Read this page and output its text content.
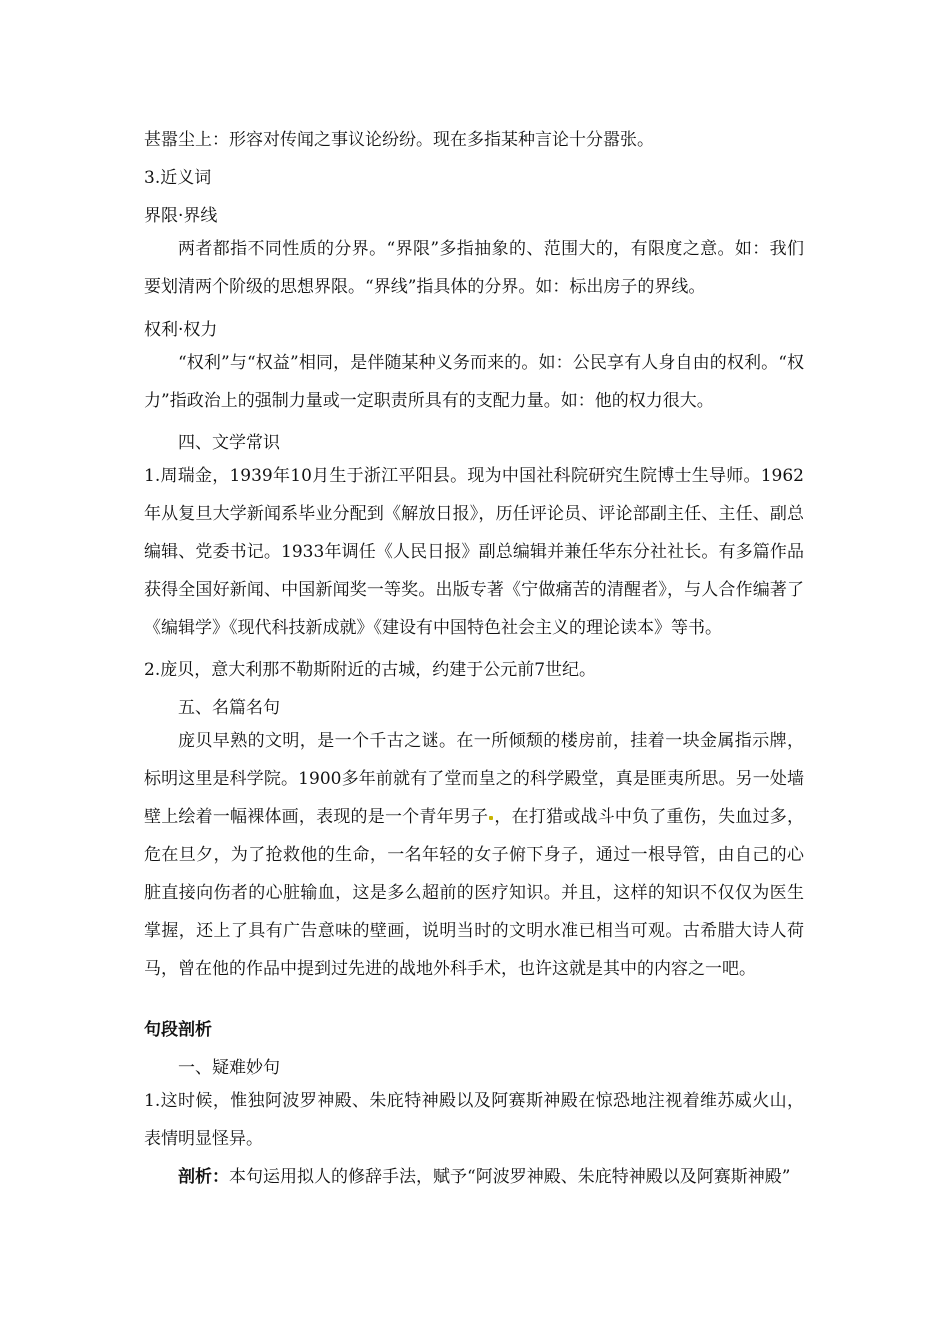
甚嚣尘上：形容对传闻之事议论纷纷。现在多指某种言论十分嚣张。
3.近义词
界限·界线
两者都指不同性质的分界。“界限”多指抽象的、范围大的，有限度之意。如：我们要划清两个阶级的思想界限。“界线”指具体的分界。如：标出房子的界线。
权利·权力
“权利”与“权益”相同，是伴随某种义务而来的。如：公民享有人身自由的权利。“权力”指政治上的强制力量或一定职责所具有的支配力量。如：他的权力很大。
四、文学常识
1.周瑞金，1939年10月生于浙江平阳县。现为中国社科院研究生院博士生导师。1962年从复旦大学新闻系毕业分配到《解放日报》，历任评论员、评论部副主任、主任、副总编辑、党委书记。1933年调任《人民日报》副总编辑并兼任华东分社社长。有多篇作品获得全国好新闻、中国新闻奖一等奖。出版专著《宁做痛苦的清醒者》，与人合作编著了《编辑学》《现代科技新成就》《建设有中国特色社会主义的理论读本》等书。
2.庞贝，意大利那不勒斯附近的古城，约建于公元前7世纪。
五、名篇名句
庞贝早熟的文明，是一个千古之谜。在一所倾颓的楼房前，挂着一块金属指示牌，标明这里是科学院。1900多年前就有了堂而皇之的科学殿堂，真是匪夷所思。另一处墙壁上绘着一幅裸体画，表现的是一个青年男子 ，在打猎或战斗中负了重伤，失血过多，危在旦夕，为了抢救他的生命，一名年轻的女子俯下身子，通过一根导管，由自己的心脏直接向伤者的心脏输血，这是多么超前的医疗知识。并且，这样的知识不仅仅为医生掌握，还上了具有广告意味的壁画，说明当时的文明水准已相当可观。古希腊大诗人荷马，曾在他的作品中提到过先进的战地外科手术，也许这就是其中的内容之一吧。
句段剖析
一、疑难妙句
1.这时候，惟独阿波罗神殿、朱庇特神殿以及阿赛斯神殿在惊恐地注视着维苏威火山，表情明显怪异。
剖析：本句运用拟人的修辞手法，赋予“阿波罗神殿、朱庇特神殿以及阿赛斯神殿”
